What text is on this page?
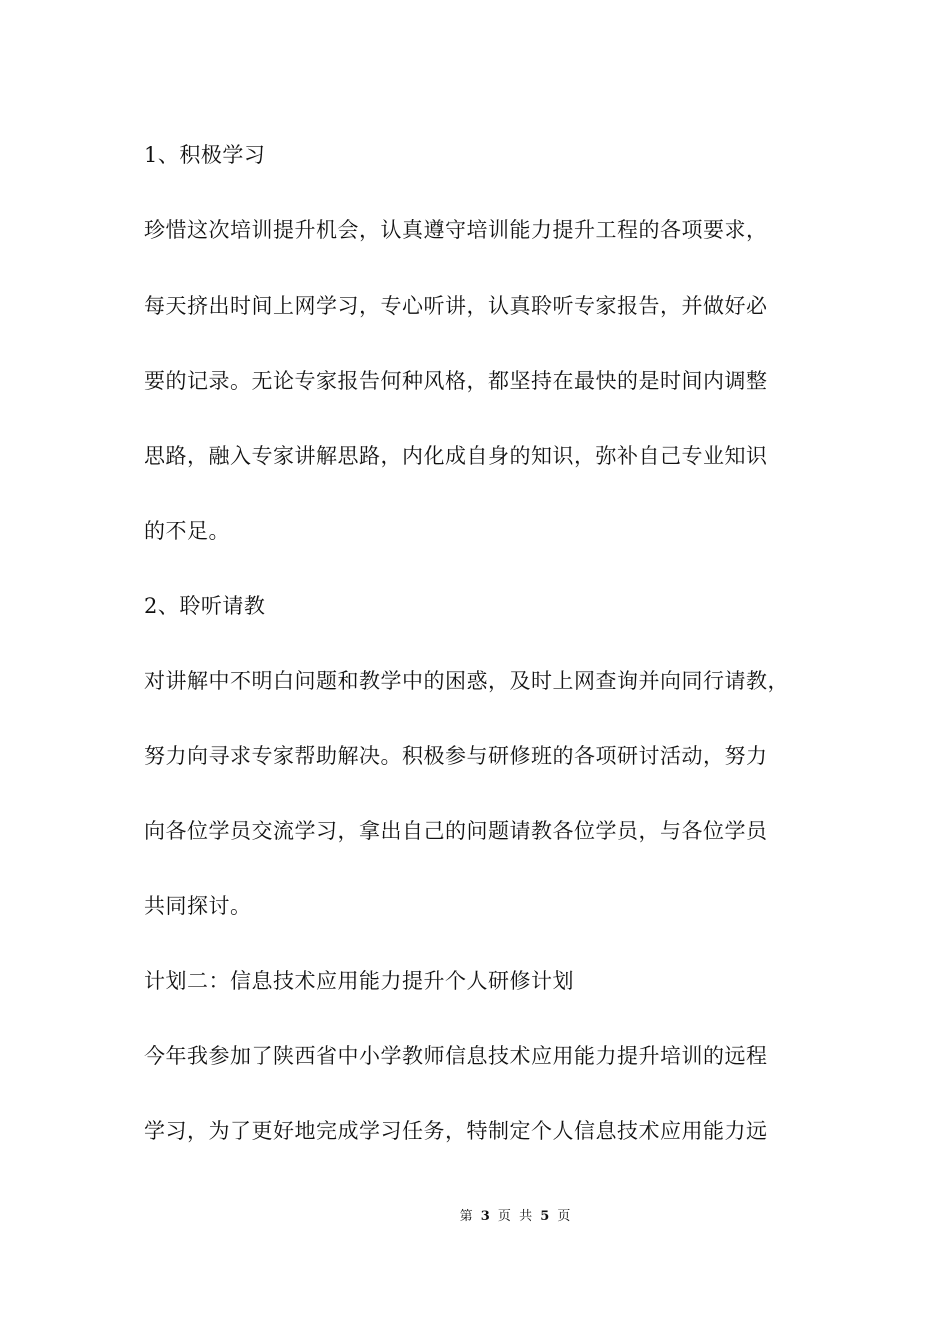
1、积极学习

珍惜这次培训提升机会，认真遵守培训能力提升工程的各项要求，

每天挤出时间上网学习，专心听讲，认真聆听专家报告，并做好必

要的记录。无论专家报告何种风格，都坚持在最快的是时间内调整

思路，融入专家讲解思路，内化成自身的知识，弥补自己专业知识

的不足。

2、聆听请教

对讲解中不明白问题和教学中的困惑，及时上网查询并向同行请教，

努力向寻求专家帮助解决。积极参与研修班的各项研讨活动，努力

向各位学员交流学习，拿出自己的问题请教各位学员，与各位学员

共同探讨。

计划二：信息技术应用能力提升个人研修计划

今年我参加了陕西省中小学教师信息技术应用能力提升培训的远程

学习，为了更好地完成学习任务，特制定个人信息技术应用能力远

第 3 页 共 5 页
